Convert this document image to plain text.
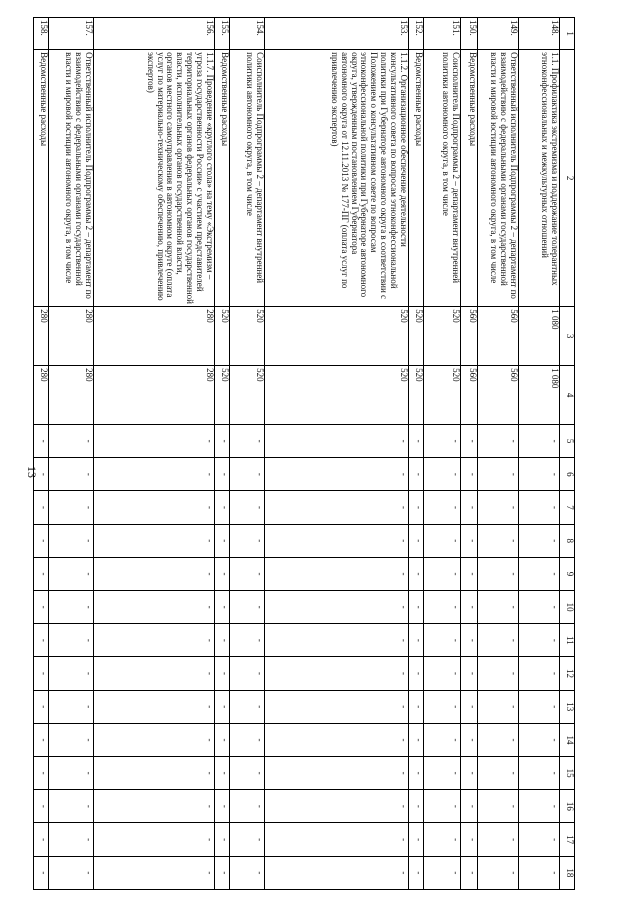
13
1	2	3	4	5	6	7	8	9	10	11	12	13	14	15	16	17	18
148.	1.1. Профилактика экстремизма и поддержание толерантных этноконфессиональных и межкультурных отношений	1 080	1 080	-	-	-	-	-	-	-	-	-	-	-	-	-	-
149.	Ответственный исполнитель Подпрограммы 2 – департамент по взаимодействию с федеральными органами государственной власти и мировой юстиции автономного округа, в том числе	560	560	-	-	-	-	-	-	-	-	-	-	-	-	-	-
150.	Ведомственные расходы	560	560	-	-	-	-	-	-	-	-	-	-	-	-	-	-
151.	Соисполнитель Подпрограммы 2 – департамент внутренней политики автономного округа, в том числе	520	520	-	-	-	-	-	-	-	-	-	-	-	-	-	-
152.	Ведомственные расходы	520	520	-	-	-	-	-	-	-	-	-	-	-	-	-	-
153.	1.1.2. Организационное обеспечение деятельности консультативного совета по вопросам этноконфессиональной политики при Губернаторе автономного округа в соответствии с Положением о консультативном совете по вопросам этноконфессиональной политики при Губернаторе автономного округа, утвержденным постановлением Губернатора автономного округа от 12.11.2013 № 177-ПГ (оплата услуг по привлечению экспертов)	520	520	-	-	-	-	-	-	-	-	-	-	-	-	-	-
154.	Соисполнитель Подпрограммы 2 – департамент внутренней политики автономного округа, в том числе	520	520	-	-	-	-	-	-	-	-	-	-	-	-	-	-
155.	Ведомственные расходы	520	520	-	-	-	-	-	-	-	-	-	-	-	-	-	-
156.	1.1.7. Проведение «круглого стола» на тему «Экстремизм – угроза государственности России» с участием представителей территориальных органов федеральных органов государственной власти, исполнительных органов государственной власти, органов местного самоуправления в автономном округе (оплата услуг по материально-техническому обеспечению, привлечению экспертов)	280	280	-	-	-	-	-	-	-	-	-	-	-	-	-	-
157.	Ответственный исполнитель Подпрограммы 2 – департамент по взаимодействию с федеральными органами государственной власти и мировой юстиции автономного округа, в том числе	280	280	-	-	-	-	-	-	-	-	-	-	-	-	-	-
158.	Ведомственные расходы	280	280	-	-	-	-	-	-	-	-	-	-	-	-	-	-
